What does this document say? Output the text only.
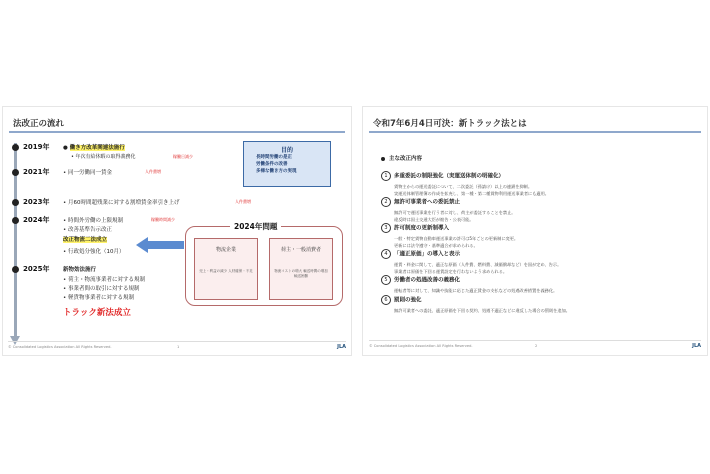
法改正の流れ
2019年 ● 働き方改革関連法施行
• 年次有給休暇の取得義務化	稼働日減少
2021年 • 同一労働同一賃金	人件費増
2023年 • 月60時間超残業に対する割増賃金率引き上げ	人件費増
2024年 • 時間外労働の上限規制	稼働時間減少
• 改善基準告示改正
改正物流二法成立
• 行政処分強化（10月）
2025年 新物効法施行
• 荷主・物流事業者に対する規制
• 事業者間の取引に対する規制
• 軽貨物事業者に対する規制
トラック新法成立
目的
長時間労働の是正
労働条件の改善
多様な働き方の実現
2024年問題
物流企業
売上・利益の減少 人材確保・不足
荷主・一般消費者
物流コストの増大 輸送時間の増加 輸送困難
© Consolidated Logistics Association All Rights Reserved.	1	JLA
令和7年6月4日可決：新トラック法とは
主な改正内容
1 多重委託の制限強化（実運送体制の明確化）
貨物主からの運送委託について、二次委託（孫請け）以上の連鎖を抑制。
実運送体制管理簿の作成を拡充し、第一種・第二種貨物利用運送事業者にも適用。
2 無許可事業者への委託禁止
無許可で運送事業を行う者に対し、荷主が委託することを禁止。
違反時は国土交通大臣が勧告・公表可能。
3 許可制度の更新制導入
一般・特定貨物自動車運送事業の許可は5年ごとの更新制に変更。
更新には法令遵守・基準適合が求められる。
4 「適正原価」の導入と表示
運賃・料金に関して、適正な原価（人件費、燃料費、減価償却など）を国が定め、告示。
事業者は原価を下回る運賃設定を行わないよう求められる。
5 労働者の処遇改善の義務化
運転者等に対して、知識や技能に応じた適正賃金の支払などの処遇改善措置を義務化。
6 罰則の強化
無許可業者への委託、適正原価を下回る契約、処遇不適正などに違反した場合の罰則を追加。
© Consolidated Logistics Association All Rights Reserved.	2	JLA
